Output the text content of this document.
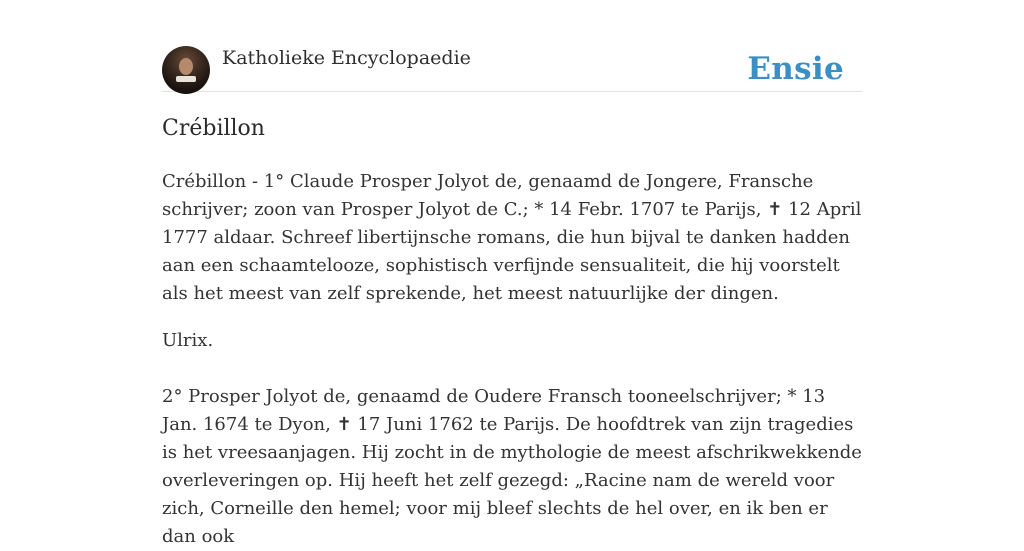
Katholieke Encyclopaedie	Ensie
Crébillon

Crébillon - 1° Claude Prosper Jolyot de, genaamd de Jongere, Fransche schrijver; zoon van Prosper Jolyot de C.; * 14 Febr. 1707 te Parijs, ✝ 12 April 1777 aldaar. Schreef libertijnsche romans, die hun bijval te danken hadden aan een schaamtelooze, sophistisch verfijnde sensualiteit, die hij voorstelt als het meest van zelf sprekende, het meest natuurlijke der dingen.

Ulrix.

2° Prosper Jolyot de, genaamd de Oudere Fransch tooneelschrijver; * 13 Jan. 1674 te Dyon, ✝ 17 Juni 1762 te Parijs. De hoofdtrek van zijn tragedies is het vreesaanjagen. Hij zocht in de mythologie de meest afschrikwekkende overleveringen op. Hij heeft het zelf gezegd: „Racine nam de wereld voor zich, Corneille den hemel; voor mij bleef slechts de hel over, en ik ben er dan ook
